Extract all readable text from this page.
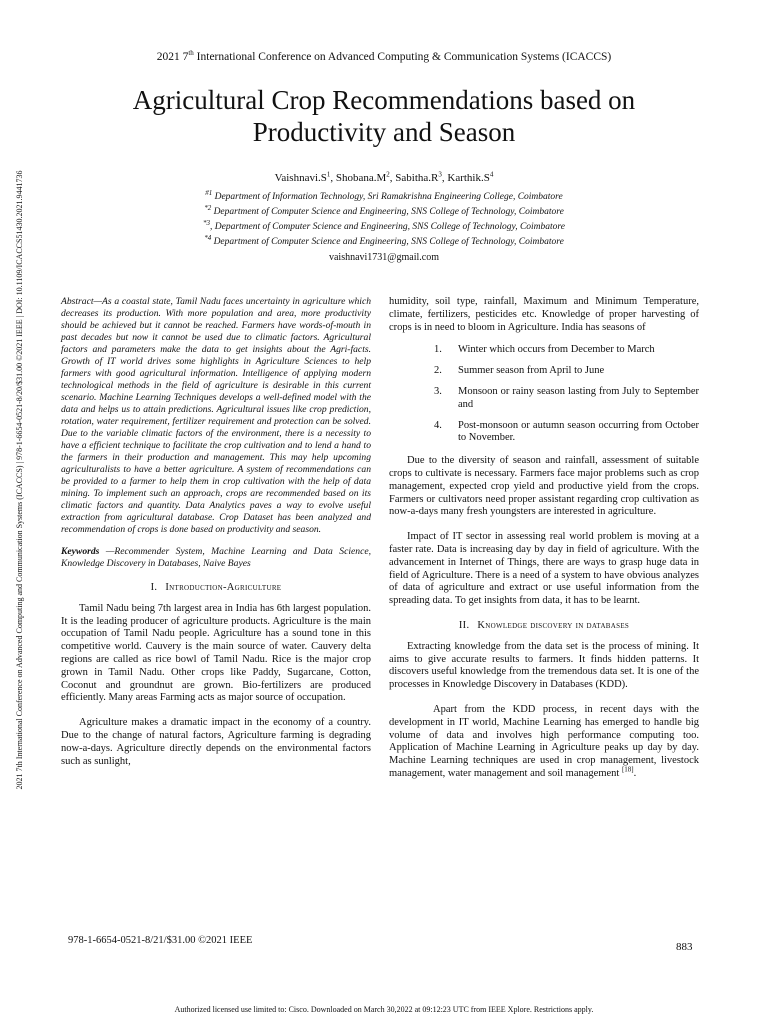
2021 7th International Conference on Advanced Computing & Communication Systems (ICACCS)
Agricultural Crop Recommendations based on
Productivity and Season
$Vaishnavi.S^1$, $Shobana.M^2$, $Sabitha.R^3$, $Karthik.S^4$
$^{\#1}$ Department of Information Technology, Sri Ramakrishna Engineering College, Coimbatore
$^{*2}$ Department of Computer Science and Engineering, SNS College of Technology, Coimbatore
$^{*3}$, Department of Computer Science and Engineering, SNS College of Technology, Coimbatore
$^{*4}$ Department of Computer Science and Engineering, SNS College of Technology, Coimbatore
vaishnavi1731@gmail.com
2021 7th International Conference on Advanced Computing and Communication Systems (ICACCS) | 978-1-6654-0521-8/20/$31.00 ©2021 IEEE | DOI: 10.1109/ICACCS51430.2021.9441736	Abstract—As a coastal state, Tamil Nadu faces uncertainty in agriculture which decreases its production. With more population and area, more productivity should be achieved but it cannot be reached. Farmers have words-of-mouth in past decades but now it cannot be used due to climatic factors. Agricultural factors and parameters make the data to get insights about the Agri-facts. Growth of IT world drives some highlights in Agriculture Sciences to help farmers with good agricultural information. Intelligence of applying modern technological methods in the field of agriculture is desirable in this current scenario. Machine Learning Techniques develops a well-defined model with the data and helps us to attain predictions. Agricultural issues like crop prediction, rotation, water requirement, fertilizer requirement and protection can be solved. Due to the variable climatic factors of the environment, there is a necessity to have a efficient technique to facilitate the crop cultivation and to lend a hand to the farmers in their production and management. This may help upcoming agriculturalists to have a better agriculture. A system of recommendations can be provided to a farmer to help them in crop cultivation with the help of data mining. To implement such an approach, crops are recommended based on its climatic factors and quantity. Data Analytics paves a way to evolve useful extraction from agricultural database. Crop Dataset has been analyzed and recommendation of crops is done based on productivity and season.

Keywords —Recommender System, Machine Learning and Data Science, Knowledge Discovery in Databases, Naive Bayes

I. Introduction-Agriculture

Tamil Nadu being 7th largest area in India has 6th largest population. It is the leading producer of agriculture products. Agriculture is the main occupation of Tamil Nadu people. Agriculture has a sound tone in this competitive world. Cauvery is the main source of water. Cauvery delta regions are called as rice bowl of Tamil Nadu. Rice is the major crop grown in Tamil Nadu. Other crops like Paddy, Sugarcane, Cotton, Coconut and groundnut are grown. Bio-fertilizers are produced efficiently. Many areas Farming acts as major source of occupation.

Agriculture makes a dramatic impact in the economy of a country. Due to the change of natural factors, Agriculture farming is degrading now-a-days. Agriculture directly depends on the environmental factors such as sunlight,

humidity, soil type, rainfall, Maximum and Minimum Temperature, climate, fertilizers, pesticides etc. Knowledge of proper harvesting of crops is in need to bloom in Agriculture. India has seasons of

1. Winter which occurs from December to March
2. Summer season from April to June
3. Monsoon or rainy season lasting from July to September and
4. Post-monsoon or autumn season occurring from October to November.

Due to the diversity of season and rainfall, assessment of suitable crops to cultivate is necessary. Farmers face major problems such as crop management, expected crop yield and productive yield from the crops. Farmers or cultivators need proper assistant regarding crop cultivation as now-a-days many fresh youngsters are interested in agriculture.

Impact of IT sector in assessing real world problem is moving at a faster rate. Data is increasing day by day in field of agriculture. With the advancement in Internet of Things, there are ways to grasp huge data in field of Agriculture. There is a need of a system to have obvious analyzes of data of agriculture and extract or use useful information from the spreading data. To get insights from data, it has to be learnt.

II. Knowledge discovery in databases

Extracting knowledge from the data set is the process of mining. It aims to give accurate results to farmers. It finds hidden patterns. It discovers useful knowledge from the tremendous data set. It is one of the processes in Knowledge Discovery in Databases (KDD).

Apart from the KDD process, in recent days with the development in IT world, Machine Learning has emerged to handle big volume of data and involves high performance computing too. Application of Machine Learning in Agriculture peaks up day by day. Machine Learning techniques are used in crop management, livestock management, water management and soil management [18].

978-1-6654-0521-8/21/$31.00 ©2021 IEEE
883
Authorized licensed use limited to: Cisco. Downloaded on March 30,2022 at 09:12:23 UTC from IEEE Xplore. Restrictions apply.
